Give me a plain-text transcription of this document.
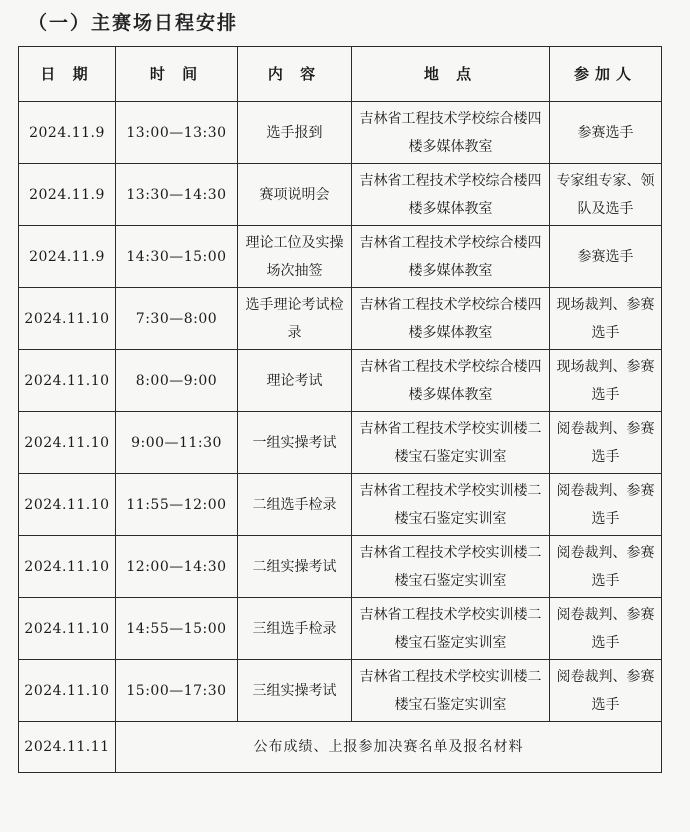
（一）主赛场日程安排
日 期	时 间	内 容	地 点	参加人
2024.11.9	13:00—13:30	选手报到	吉林省工程技术学校综合楼四楼多媒体教室	参赛选手
2024.11.9	13:30—14:30	赛项说明会	吉林省工程技术学校综合楼四楼多媒体教室	专家组专家、领队及选手
2024.11.9	14:30—15:00	理论工位及实操场次抽签	吉林省工程技术学校综合楼四楼多媒体教室	参赛选手
2024.11.10	7:30—8:00	选手理论考试检录	吉林省工程技术学校综合楼四楼多媒体教室	现场裁判、参赛选手
2024.11.10	8:00—9:00	理论考试	吉林省工程技术学校综合楼四楼多媒体教室	现场裁判、参赛选手
2024.11.10	9:00—11:30	一组实操考试	吉林省工程技术学校实训楼二楼宝石鉴定实训室	阅卷裁判、参赛选手
2024.11.10	11:55—12:00	二组选手检录	吉林省工程技术学校实训楼二楼宝石鉴定实训室	阅卷裁判、参赛选手
2024.11.10	12:00—14:30	二组实操考试	吉林省工程技术学校实训楼二楼宝石鉴定实训室	阅卷裁判、参赛选手
2024.11.10	14:55—15:00	三组选手检录	吉林省工程技术学校实训楼二楼宝石鉴定实训室	阅卷裁判、参赛选手
2024.11.10	15:00—17:30	三组实操考试	吉林省工程技术学校实训楼二楼宝石鉴定实训室	阅卷裁判、参赛选手
2024.11.11	公布成绩、上报参加决赛名单及报名材料			
